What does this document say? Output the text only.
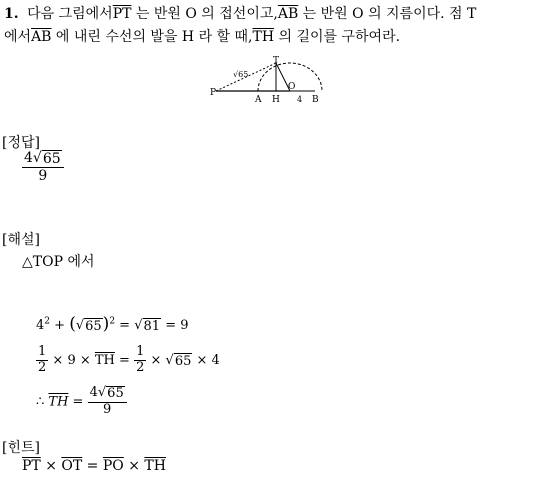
1. 다음 그림에서$\overline{PT}$ 는 반원 O 의 접선이고$,\overline{AB}$ 는 반원 O 의 지름이다. 점 T
에서$\overline{AB}$ 에 내린 수선의 발을 H 라 할 때$,\overline{TH}$ 의 길이를 구하여라.
P
T
A H
O
B
√65
4
[정답]
$\frac{4√ 65}{9}$
[해설]
△TOP 에서
$4^2$ + (√ 65 )$^2$ = √ 81 = 9
$\frac{1}{2} \times 9 \times \overline{TH} = \frac{1}{2}$ × √ 65 × 4
∴ $\overline{TH} = \frac{4√ 65}{9}$
[힌트]
$\overline{PT} \times \overline{OT} = \overline{PO} \times \overline{TH}$
